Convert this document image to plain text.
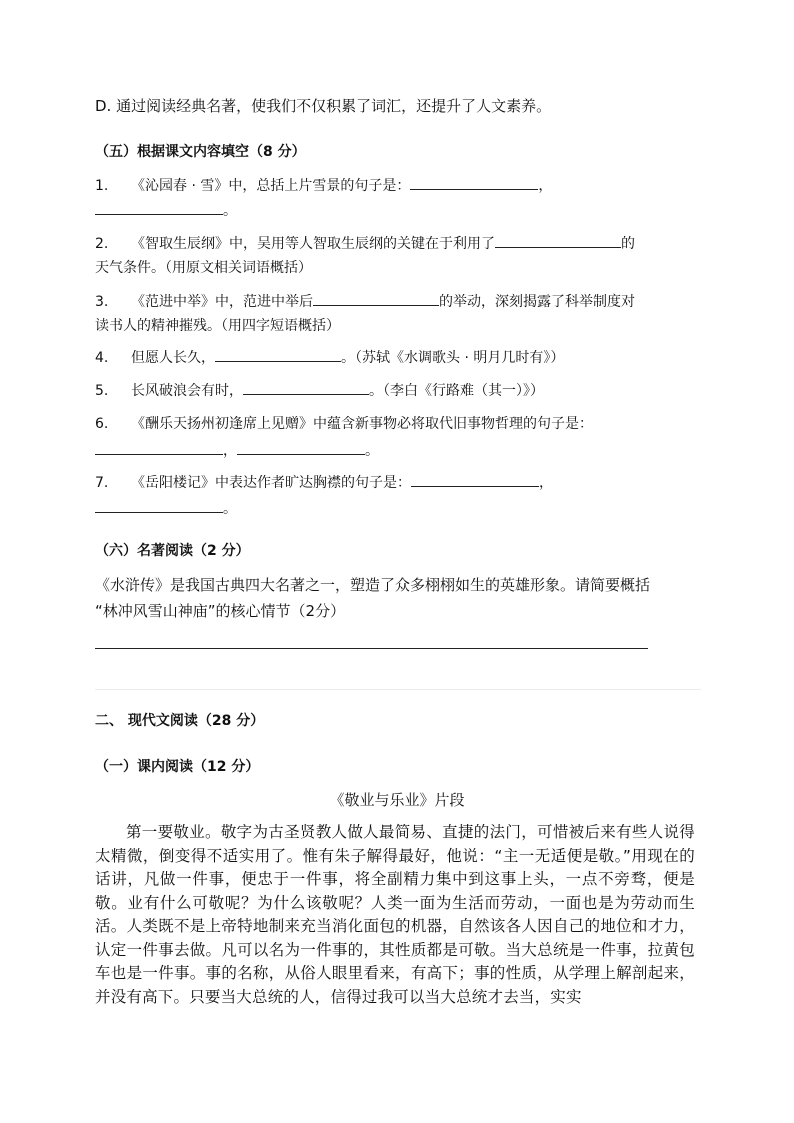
D. 通过阅读经典名著，使我们不仅积累了词汇，还提升了人文素养。
（五）根据课文内容填空（8 分）
1. 《沁园春 · 雪》中，总括上片雪景的句子是：	，
。
2. 《智取生辰纲》中，吴用等人智取生辰纲的关键在于利用了	的
天气条件。（用原文相关词语概括）
3. 《范进中举》中，范进中举后	的举动，深刻揭露了科举制度对
读书人的精神摧残。（用四字短语概括）
4. 但愿人长久，	。（苏轼《水调歌头 · 明月几时有》）
5. 长风破浪会有时，	。（李白《行路难（其一）》）
6. 《酬乐天扬州初逢席上见赠》中蕴含新事物必将取代旧事物哲理的句子是：
，	。
7. 《岳阳楼记》中表达作者旷达胸襟的句子是：	，
。
（六）名著阅读（2 分）
《水浒传》是我国古典四大名著之一，塑造了众多栩栩如生的英雄形象。请简要概括
“林冲风雪山神庙”的核心情节（2分）
二、 现代文阅读（28 分）
（一）课内阅读（12 分）
《敬业与乐业》片段
第一要敬业。敬字为古圣贤教人做人最简易、直捷的法门，可惜被后来有些人说得太精微，倒变得不适实用了。惟有朱子解得最好，他说：“主一无适便是敬。”用现在的话讲，凡做一件事，便忠于一件事，将全副精力集中到这事上头，一点不旁骛，便是敬。业有什么可敬呢？为什么该敬呢？人类一面为生活而劳动，一面也是为劳动而生活。人类既不是上帝特地制来充当消化面包的机器，自然该各人因自己的地位和才力，认定一件事去做。凡可以名为一件事的，其性质都是可敬。当大总统是一件事，拉黄包车也是一件事。事的名称，从俗人眼里看来，有高下；事的性质，从学理上解剖起来，并没有高下。只要当大总统的人，信得过我可以当大总统才去当，实实
